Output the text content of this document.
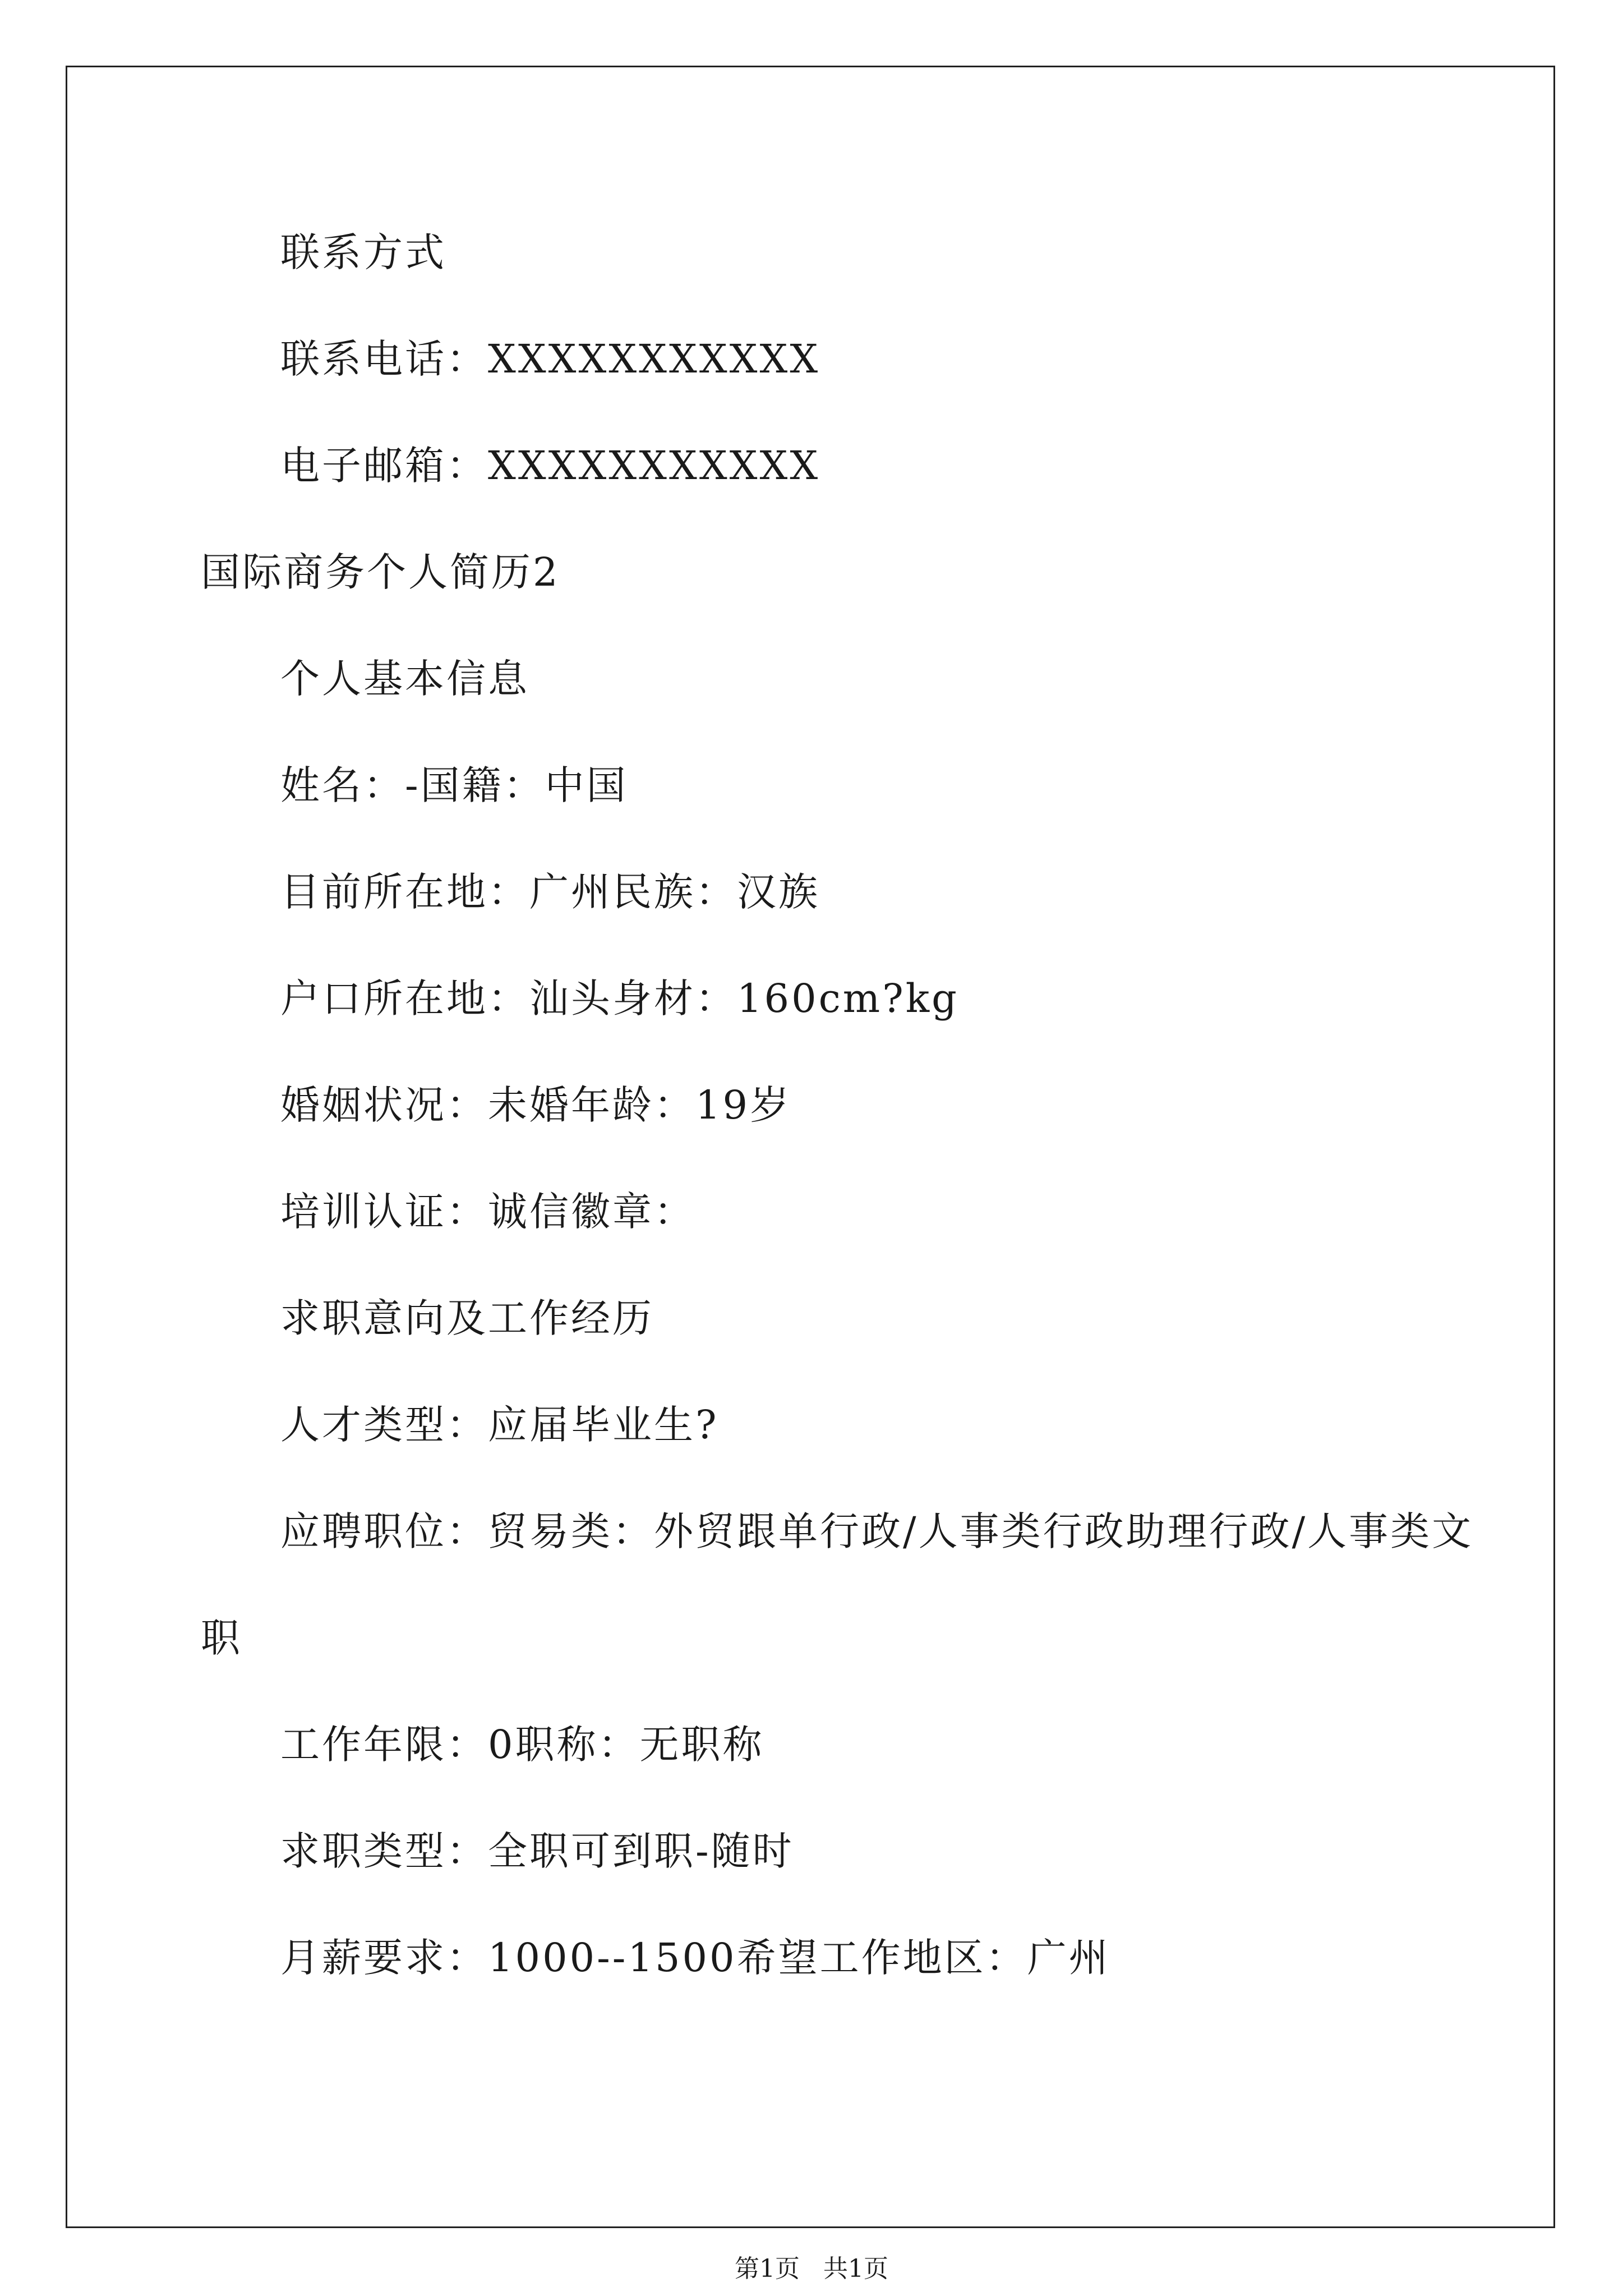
联系方式
联系电话：XXXXXXXXXXX
电子邮箱：XXXXXXXXXXX
国际商务个人简历2
个人基本信息
姓名：-国籍：中国
目前所在地：广州民族：汉族
户口所在地：汕头身材：160cm?kg
婚姻状况：未婚年龄：19岁
培训认证：诚信徽章：
求职意向及工作经历
人才类型：应届毕业生?
应聘职位：贸易类：外贸跟单行政/人事类行政助理行政/人事类文
职
工作年限：0职称：无职称
求职类型：全职可到职-随时
月薪要求：1000--1500希望工作地区：广州
第1页   共1页
